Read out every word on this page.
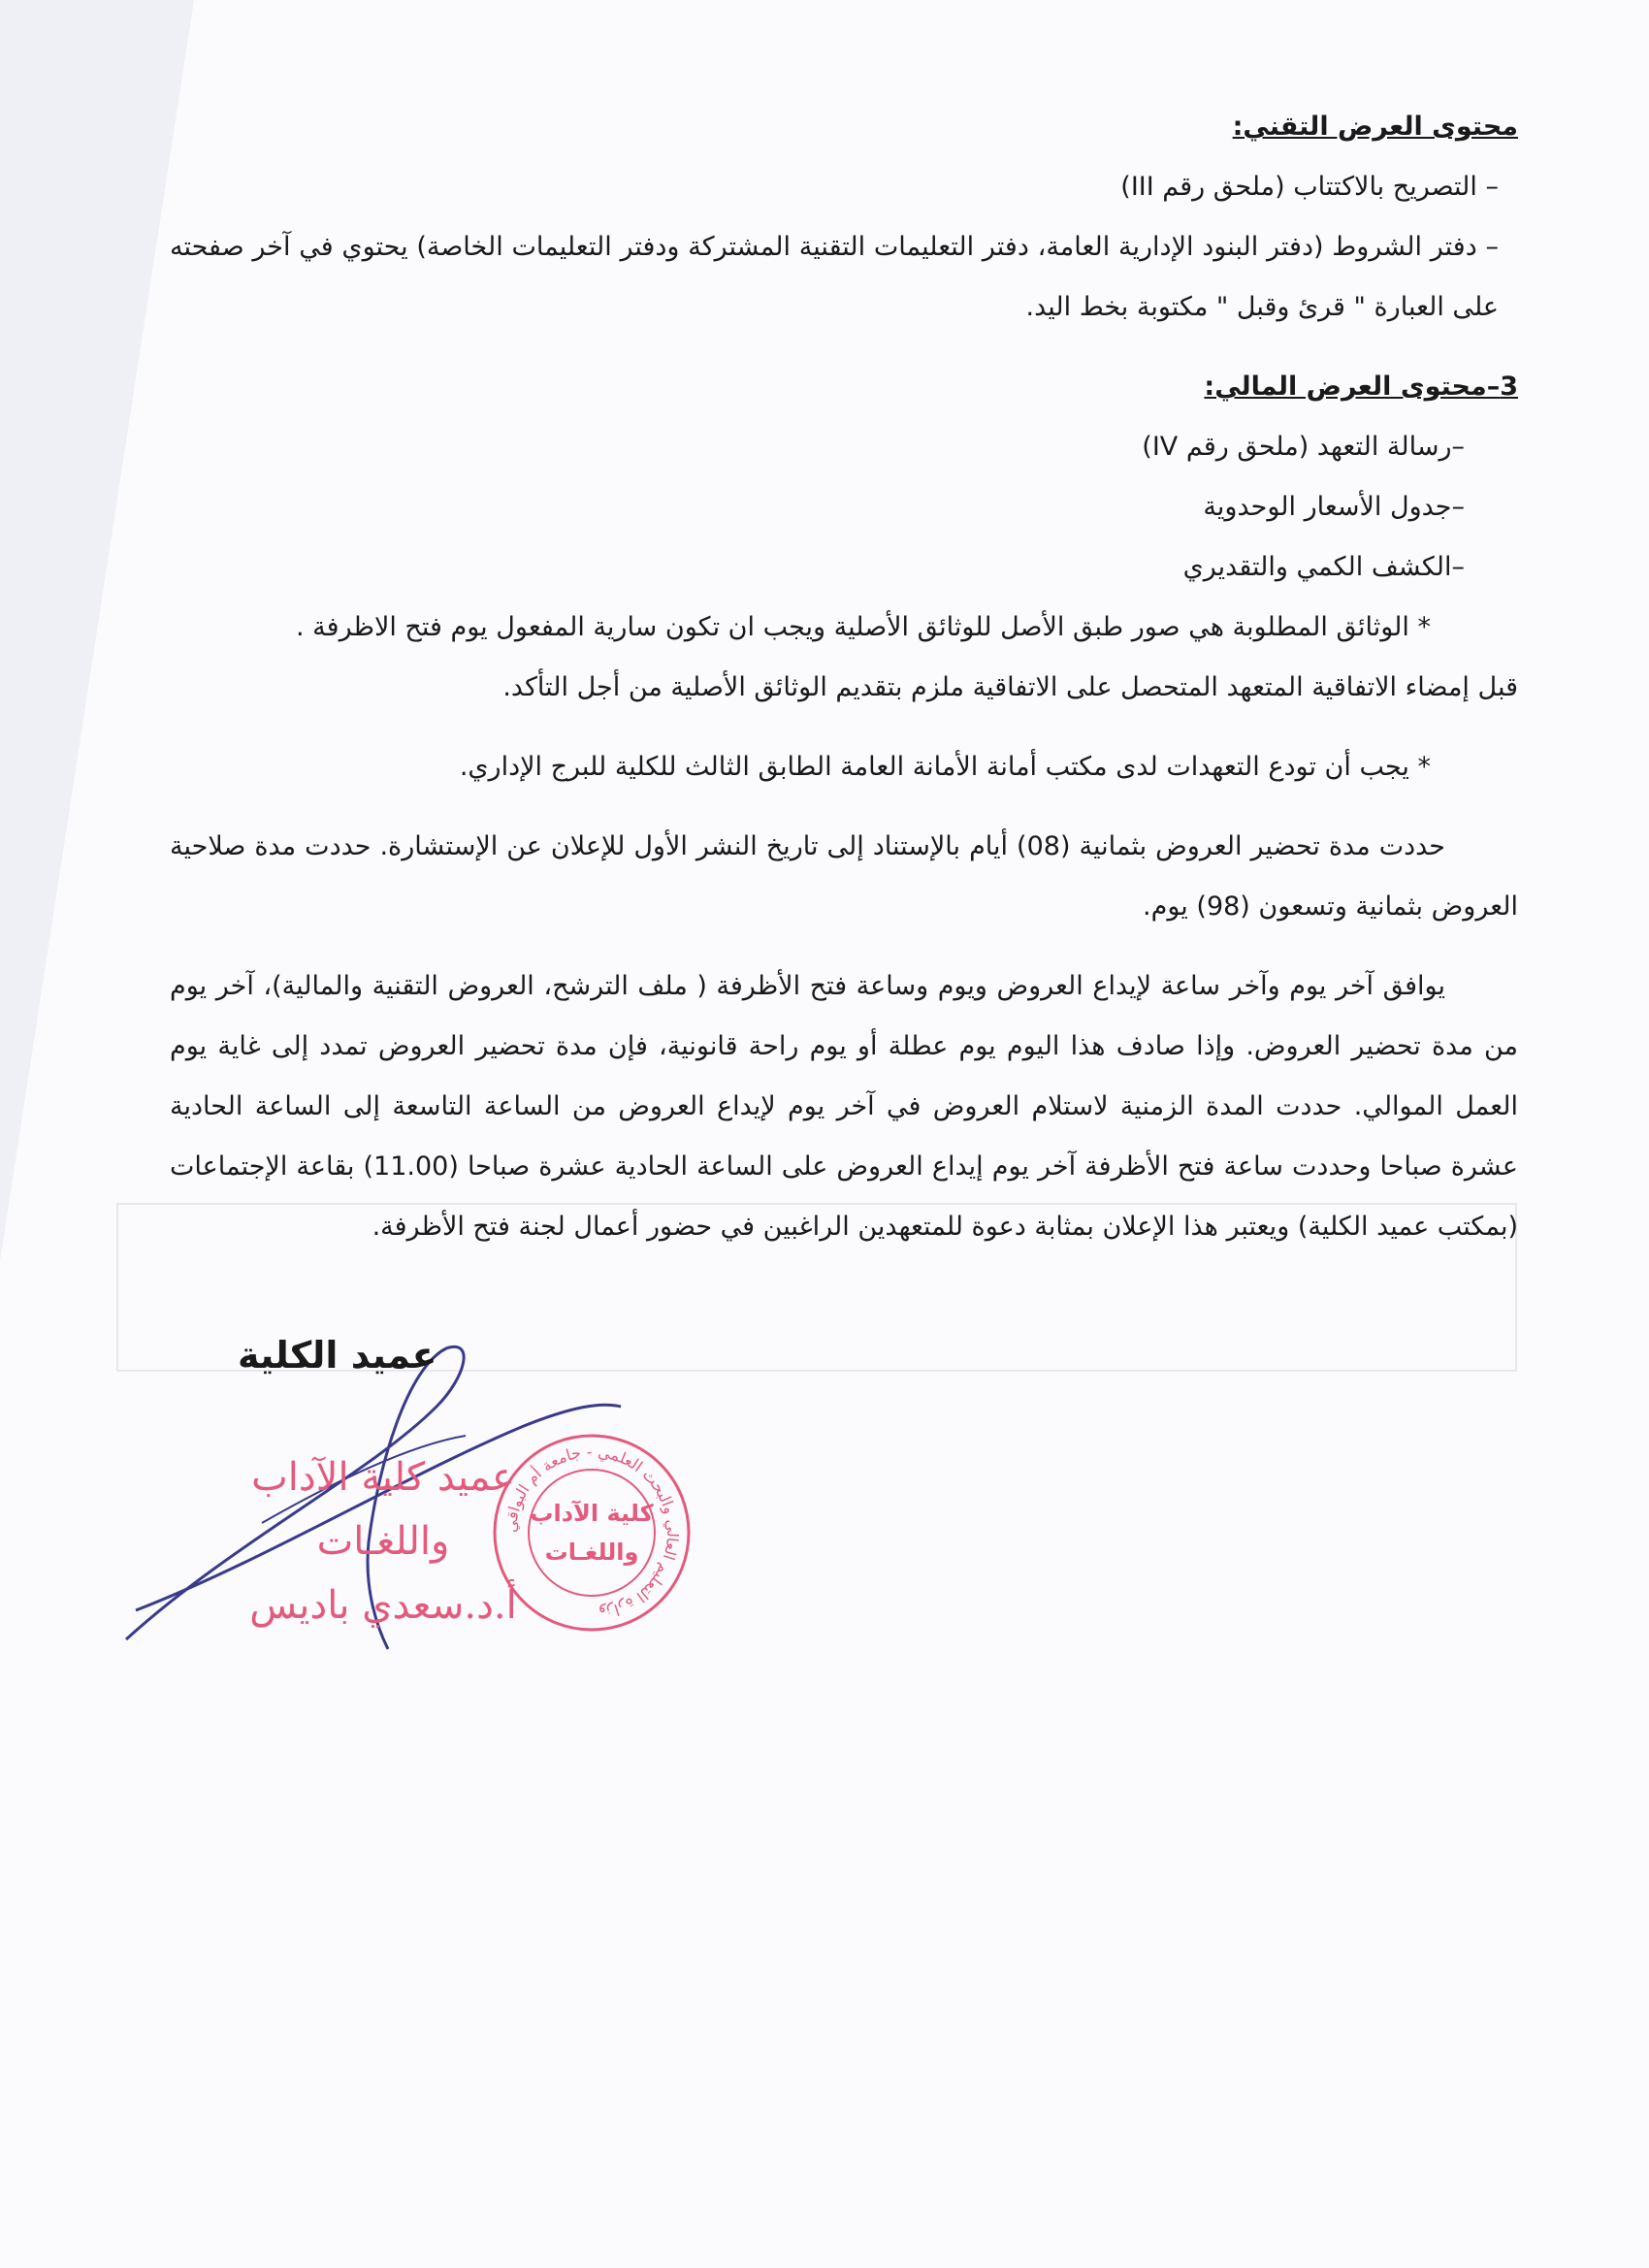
محتوى العرض التقني:

– التصريح بالاكتتاب (ملحق رقم III)

– دفتر الشروط (دفتر البنود الإدارية العامة، دفتر التعليمات التقنية المشتركة ودفتر التعليمات الخاصة) يحتوي في آخر صفحته على العبارة " قرئ وقبل " مكتوبة بخط اليد.

3–محتوى العرض المالي:

–رسالة التعهد (ملحق رقم IV)

–جدول الأسعار الوحدوية

–الكشف الكمي والتقديري

* الوثائق المطلوبة هي صور طبق الأصل للوثائق الأصلية ويجب ان تكون سارية المفعول يوم فتح الاظرفة .

قبل إمضاء الاتفاقية المتعهد المتحصل على الاتفاقية ملزم بتقديم الوثائق الأصلية من أجل التأكد.

* يجب أن تودع التعهدات لدى مكتب أمانة الأمانة العامة الطابق الثالث للكلية للبرج الإداري.

حددت مدة تحضير العروض بثمانية (08) أيام بالإستناد إلى تاريخ النشر الأول للإعلان عن الإستشارة. حددت مدة صلاحية العروض بثمانية وتسعون (98) يوم.

يوافق آخر يوم وآخر ساعة لإيداع العروض ويوم وساعة فتح الأظرفة ( ملف الترشح، العروض التقنية والمالية)، آخر يوم من مدة تحضير العروض. وإذا صادف هذا اليوم يوم عطلة أو يوم راحة قانونية، فإن مدة تحضير العروض تمدد إلى غاية يوم العمل الموالي. حددت المدة الزمنية لاستلام العروض في آخر يوم لإيداع العروض من الساعة التاسعة إلى الساعة الحادية عشرة صباحا وحددت ساعة فتح الأظرفة آخر يوم إيداع العروض على الساعة الحادية عشرة صباحا (11.00) بقاعة الإجتماعات (بمكتب عميد الكلية) ويعتبر هذا الإعلان بمثابة دعوة للمتعهدين الراغبين في حضور أعمال لجنة فتح الأظرفة.

عميد الكلية
عميد كلية الآداب
واللغـات
أ.د.سعدي باديس
وزارة التعليم العالي والبحث العلمي - جامعة أم البواقي
كلية الآداب
واللغـات
